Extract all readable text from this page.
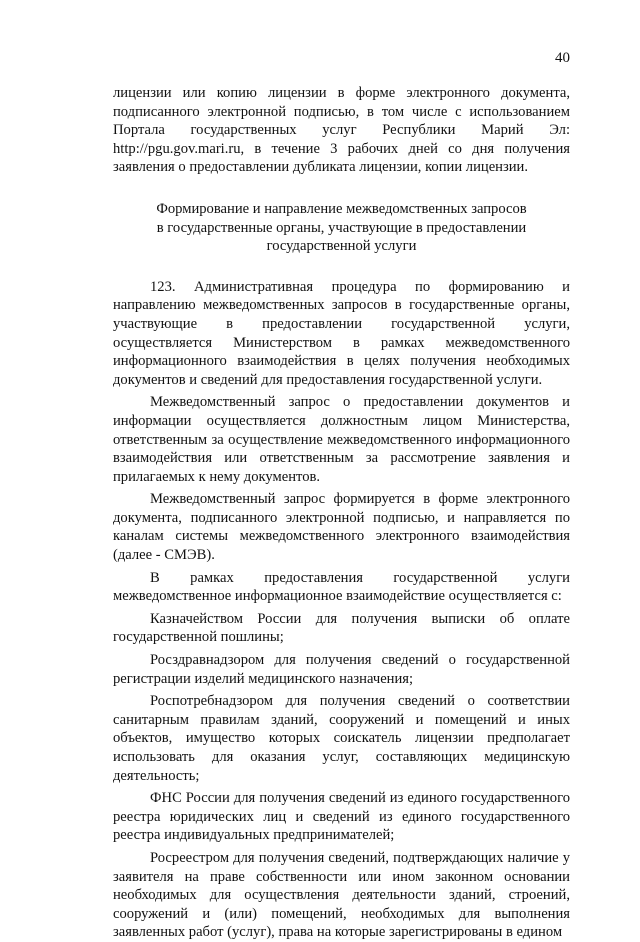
40

лицензии или копию лицензии в форме электронного документа, подписанного электронной подписью, в том числе с использованием Портала государственных услуг Республики Марий Эл: http://pgu.gov.mari.ru, в течение 3 рабочих дней со дня получения заявления о предоставлении дубликата лицензии, копии лицензии.

Формирование и направление межведомственных запросов
в государственные органы, участвующие в предоставлении
государственной услуги

123. Административная процедура по формированию и направлению межведомственных запросов в государственные органы, участвующие в предоставлении государственной услуги, осуществляется Министерством в рамках межведомственного информационного взаимодействия в целях получения необходимых документов и сведений для предоставления государственной услуги.

Межведомственный запрос о предоставлении документов и информации осуществляется должностным лицом Министерства, ответственным за осуществление межведомственного информационного взаимодействия или ответственным за рассмотрение заявления и прилагаемых к нему документов.

Межведомственный запрос формируется в форме электронного документа, подписанного электронной подписью, и направляется по каналам системы межведомственного электронного взаимодействия (далее - СМЭВ).

В рамках предоставления государственной услуги межведомственное информационное взаимодействие осуществляется с:

Казначейством России для получения выписки об оплате государственной пошлины;

Росздравнадзором для получения сведений о государственной регистрации изделий медицинского назначения;

Роспотребнадзором для получения сведений о соответствии санитарным правилам зданий, сооружений и помещений и иных объектов, имущество которых соискатель лицензии предполагает использовать для оказания услуг, составляющих медицинскую деятельность;

ФНС России для получения сведений из единого государственного реестра юридических лиц и сведений из единого государственного реестра индивидуальных предпринимателей;

Росреестром для получения сведений, подтверждающих наличие у заявителя на праве собственности или ином законном основании необходимых для осуществления деятельности зданий, строений, сооружений и (или) помещений, необходимых для выполнения заявленных работ (услуг), права на которые зарегистрированы в едином
